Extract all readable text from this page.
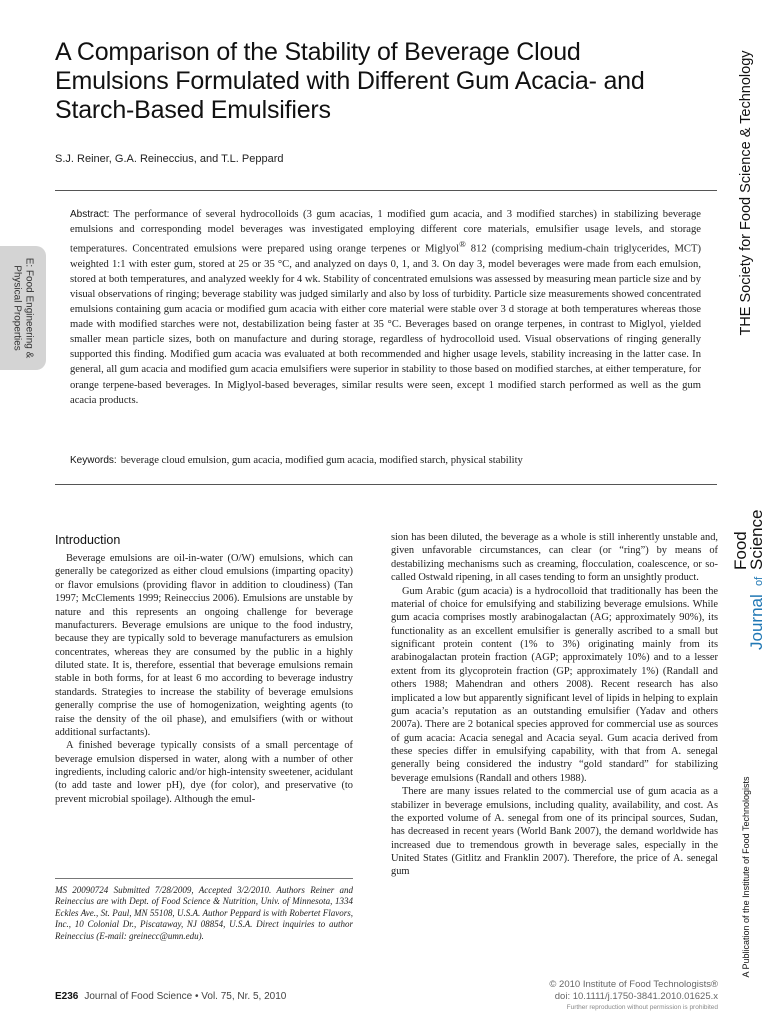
A Comparison of the Stability of Beverage Cloud Emulsions Formulated with Different Gum Acacia- and Starch-Based Emulsifiers

S.J. Reiner, G.A. Reineccius, and T.L. Peppard

Abstract: The performance of several hydrocolloids (3 gum acacias, 1 modified gum acacia, and 3 modified starches) in stabilizing beverage emulsions and corresponding model beverages was investigated employing different core materials, emulsifier usage levels, and storage temperatures. Concentrated emulsions were prepared using orange terpenes or Miglyol® 812 (comprising medium-chain triglycerides, MCT) weighted 1:1 with ester gum, stored at 25 or 35 °C, and analyzed on days 0, 1, and 3. On day 3, model beverages were made from each emulsion, stored at both temperatures, and analyzed weekly for 4 wk. Stability of concentrated emulsions was assessed by measuring mean particle size and by visual observations of ringing; beverage stability was judged similarly and also by loss of turbidity. Particle size measurements showed concentrated emulsions containing gum acacia or modified gum acacia with either core material were stable over 3 d storage at both temperatures whereas those made with modified starches were not, destabilization being faster at 35 °C. Beverages based on orange terpenes, in contrast to Miglyol, yielded smaller mean particle sizes, both on manufacture and during storage, regardless of hydrocolloid used. Visual observations of ringing generally supported this finding. Modified gum acacia was evaluated at both recommended and higher usage levels, stability increasing in the latter case. In general, all gum acacia and modified gum acacia emulsifiers were superior in stability to those based on modified starches, at either temperature, for orange terpene-based beverages. In Miglyol-based beverages, similar results were seen, except 1 modified starch performed as well as the gum acacia products.

Keywords: beverage cloud emulsion, gum acacia, modified gum acacia, modified starch, physical stability

Introduction

Beverage emulsions are oil-in-water (O/W) emulsions, which can generally be categorized as either cloud emulsions (imparting opacity) or flavor emulsions (providing flavor in addition to cloudiness) (Tan 1997; McClements 1999; Reineccius 2006). Emulsions are unstable by nature and this represents an ongoing challenge for beverage manufacturers. Beverage emulsions are unique to the food industry, because they are typically sold to beverage manufacturers as emulsion concentrates, whereas they are consumed by the public in a highly diluted state. It is, therefore, essential that beverage emulsions remain stable in both forms, for at least 6 mo according to beverage industry standards. Strategies to increase the stability of beverage emulsions generally comprise the use of homogenization, weighting agents (to raise the density of the oil phase), and emulsifiers (with or without additional surfactants).

A finished beverage typically consists of a small percentage of beverage emulsion dispersed in water, along with a number of other ingredients, including caloric and/or high-intensity sweetener, acidulant (to add taste and lower pH), dye (for color), and preservative (to prevent microbial spoilage). Although the emul-

sion has been diluted, the beverage as a whole is still inherently unstable and, given unfavorable circumstances, can clear (or “ring”) by means of destabilizing mechanisms such as creaming, flocculation, coalescence, or so-called Ostwald ripening, in all cases tending to form an unsightly product.

Gum Arabic (gum acacia) is a hydrocolloid that traditionally has been the material of choice for emulsifying and stabilizing beverage emulsions. While gum acacia comprises mostly arabinogalactan (AG; approximately 90%), its functionality as an excellent emulsifier is generally ascribed to a small but significant protein content (1% to 3%) originating mainly from its arabinogalactan protein fraction (AGP; approximately 10%) and to a lesser extent from its glycoprotein fraction (GP; approximately 1%) (Randall and others 1988; Mahendran and others 2008). Recent research has also implicated a low but apparently significant level of lipids in helping to explain gum acacia’s reputation as an outstanding emulsifier (Yadav and others 2007a). There are 2 botanical species approved for commercial use as sources of gum acacia: Acacia senegal and Acacia seyal. Gum acacia derived from these species differ in emulsifying capability, with that from A. senegal generally being considered the industry “gold standard” for stabilizing beverage emulsions (Randall and others 1988).

There are many issues related to the commercial use of gum acacia as a stabilizer in beverage emulsions, including quality, availability, and cost. As the exported volume of A. senegal from one of its principal sources, Sudan, has decreased in recent years (World Bank 2007), the demand worldwide has increased due to tremendous growth in beverage sales, especially in the United States (Gitlitz and Franklin 2007). Therefore, the price of A. senegal gum

MS 20090724 Submitted 7/28/2009, Accepted 3/2/2010. Authors Reiner and Reineccius are with Dept. of Food Science & Nutrition, Univ. of Minnesota, 1334 Eckles Ave., St. Paul, MN 55108, U.S.A. Author Peppard is with Robertet Flavors, Inc., 10 Colonial Dr., Piscataway, NJ 08854, U.S.A. Direct inquiries to author Reineccius (E-mail: greinecc@umn.edu).

© 2010 Institute of Food Technologists®
doi: 10.1111/j.1750-3841.2010.01625.x
Further reproduction without permission is prohibited

E236 Journal of Food Science • Vol. 75, Nr. 5, 2010

E: Food Engineering &
Physical Properties	THE Society for Food Science & Technology
Journal
of
Food
Science
A Publication of the Institute of Food Technologists
